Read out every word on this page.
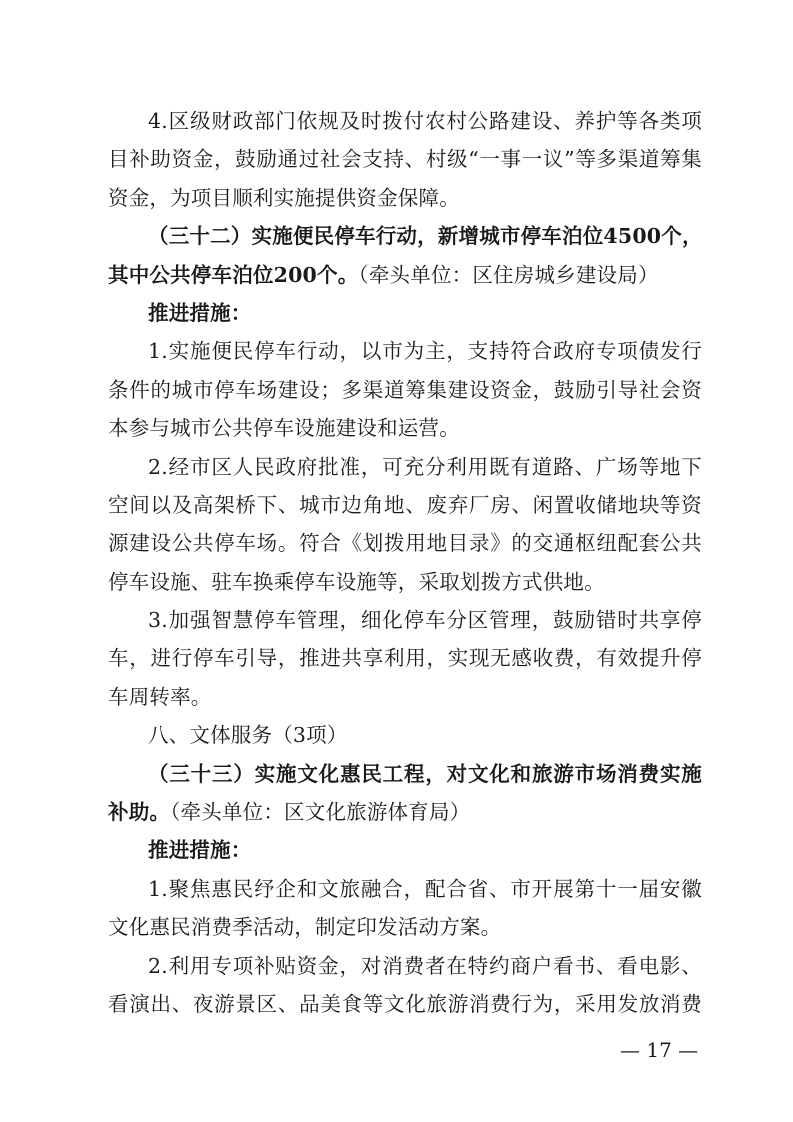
4.区级财政部门依规及时拨付农村公路建设、养护等各类项
目补助资金，鼓励通过社会支持、村级“一事一议”等多渠道筹集
资金，为项目顺利实施提供资金保障。
（三十二）实施便民停车行动，新增城市停车泊位4500个，
其中公共停车泊位200个。（牵头单位：区住房城乡建设局）
推进措施：
1.实施便民停车行动，以市为主，支持符合政府专项债发行
条件的城市停车场建设；多渠道筹集建设资金，鼓励引导社会资
本参与城市公共停车设施建设和运营。
2.经市区人民政府批准，可充分利用既有道路、广场等地下
空间以及高架桥下、城市边角地、废弃厂房、闲置收储地块等资
源建设公共停车场。符合《划拨用地目录》的交通枢纽配套公共
停车设施、驻车换乘停车设施等，采取划拨方式供地。
3.加强智慧停车管理，细化停车分区管理，鼓励错时共享停
车，进行停车引导，推进共享利用，实现无感收费，有效提升停
车周转率。
八、文体服务（3项）
（三十三）实施文化惠民工程，对文化和旅游市场消费实施
补助。（牵头单位：区文化旅游体育局）
推进措施：
1.聚焦惠民纾企和文旅融合，配合省、市开展第十一届安徽
文化惠民消费季活动，制定印发活动方案。
2.利用专项补贴资金，对消费者在特约商户看书、看电影、
看演出、夜游景区、品美食等文化旅游消费行为，采用发放消费
— 17 —
